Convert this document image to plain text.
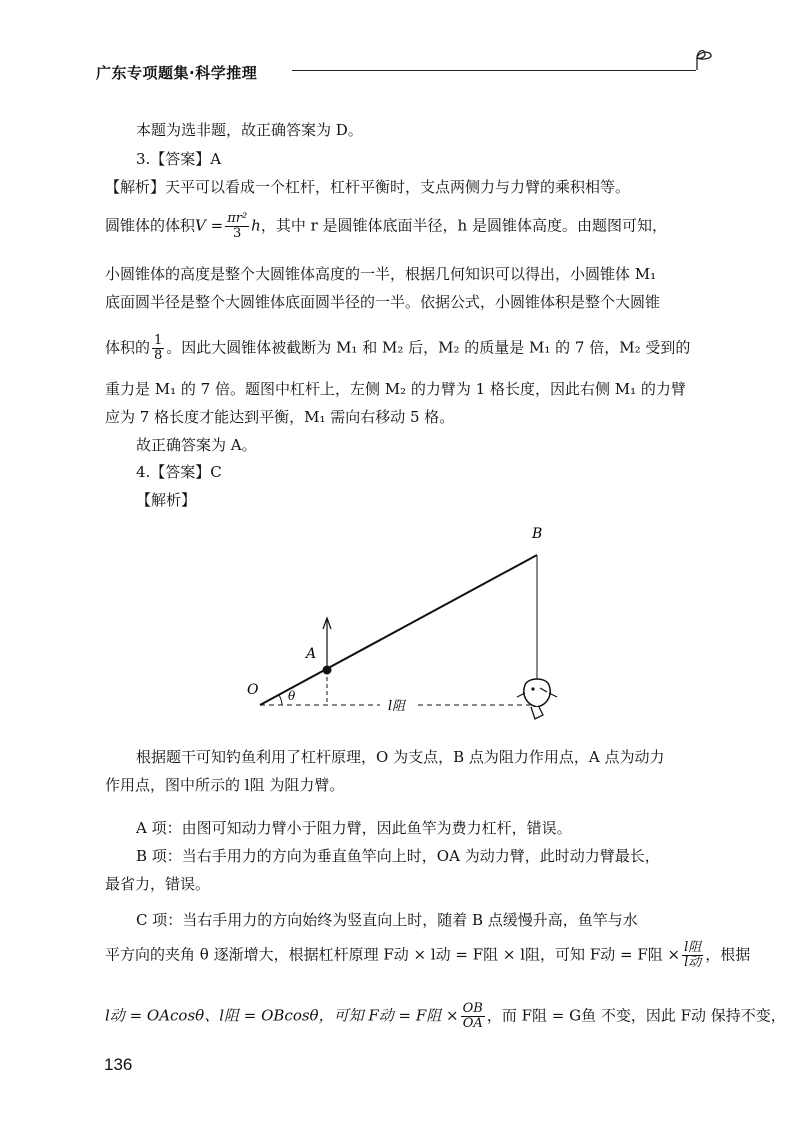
广东专项题集·科学推理
本题为选非题，故正确答案为 D。
3.【答案】A
【解析】天平可以看成一个杠杆，杠杆平衡时，支点两侧力与力臂的乘积相等。
圆锥体的体积$V = \frac{\text{πr²}}{3}$ h，其中 r 是圆锥体底面半径，h 是圆锥体高度。由题图可知，
小圆锥体的高度是整个大圆锥体高度的一半，根据几何知识可以得出，小圆锥体 M₁
底面圆半径是整个大圆锥体底面圆半径的一半。依据公式，小圆锥体积是整个大圆锥
体积的 $\frac{1}{8}$ 。因此大圆锥体被截断为 M₁ 和 M₂ 后，M₂ 的质量是 M₁ 的 7 倍，M₂ 受到的
重力是 M₁ 的 7 倍。题图中杠杆上，左侧 M₂ 的力臂为 1 格长度，因此右侧 M₁ 的力臂
应为 7 格长度才能达到平衡，M₁ 需向右移动 5 格。
故正确答案为 A。
4.【答案】C
【解析】
B
A
O θ
l阻
根据题干可知钓鱼利用了杠杆原理，O 为支点，B 点为阻力作用点，A 点为动力
作用点，图中所示的 l阻 为阻力臂。
A 项：由图可知动力臂小于阻力臂，因此鱼竿为费力杠杆，错误。
B 项：当右手用力的方向为垂直鱼竿向上时，OA 为动力臂，此时动力臂最长，
最省力，错误。
C 项：当右手用力的方向始终为竖直向上时，随着 B 点缓慢升高，鱼竿与水
平方向的夹角 θ 逐渐增大，根据杠杆原理 F动 × l动 = F阻 × l阻，可知 F动 = F阻 × $\frac{\text{l阻}}{\text{l动}}$ ，根据
l动 = OAcosθ、l阻 = OBcosθ，可知 F动 = F阻 × $\frac{OB}{OA}$ ，而 F阻 = G鱼 不变，因此 F动 保持不变，
136
